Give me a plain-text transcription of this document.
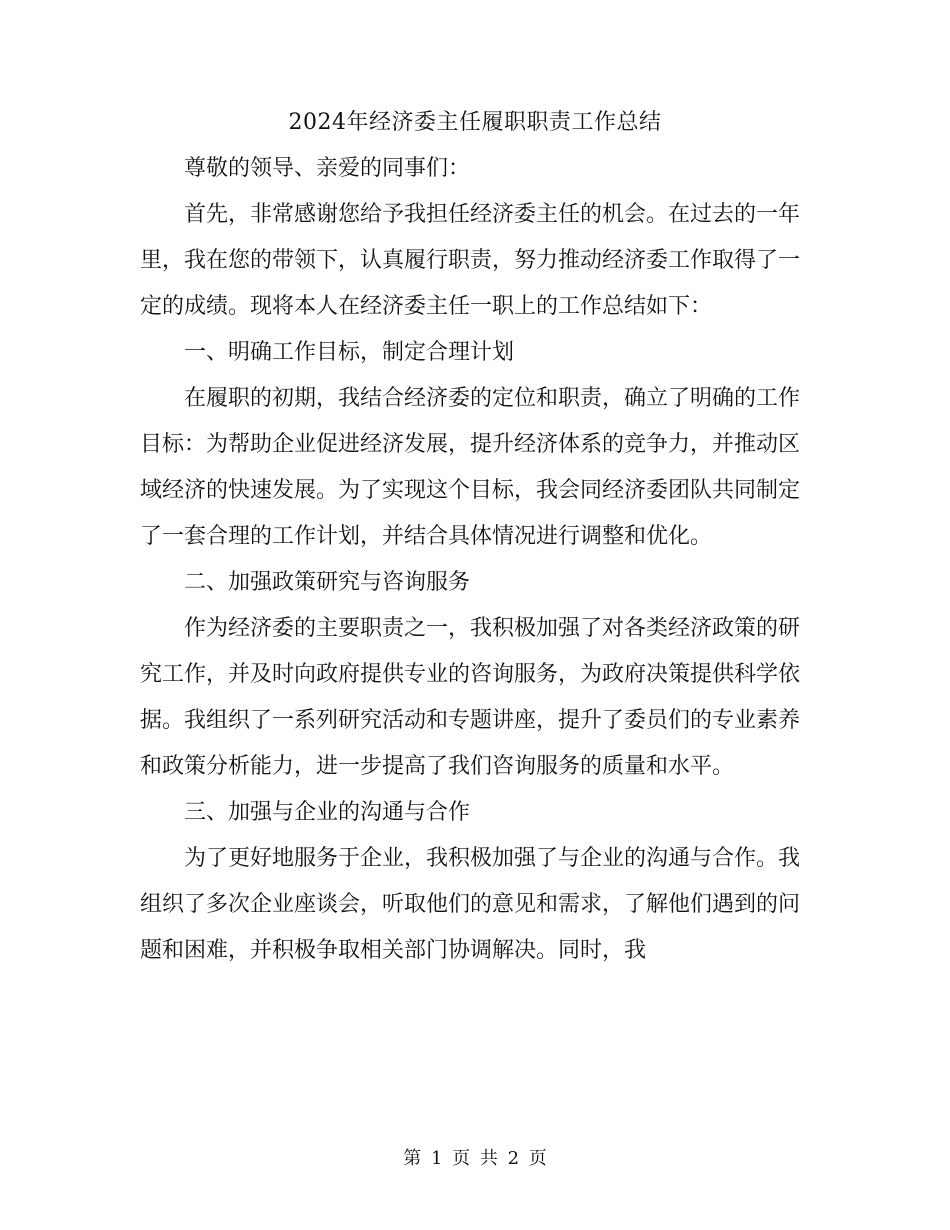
2024年经济委主任履职职责工作总结

尊敬的领导、亲爱的同事们：

首先，非常感谢您给予我担任经济委主任的机会。在过去的一年里，我在您的带领下，认真履行职责，努力推动经济委工作取得了一定的成绩。现将本人在经济委主任一职上的工作总结如下：

一、明确工作目标，制定合理计划

在履职的初期，我结合经济委的定位和职责，确立了明确的工作目标：为帮助企业促进经济发展，提升经济体系的竞争力，并推动区域经济的快速发展。为了实现这个目标，我会同经济委团队共同制定了一套合理的工作计划，并结合具体情况进行调整和优化。

二、加强政策研究与咨询服务

作为经济委的主要职责之一，我积极加强了对各类经济政策的研究工作，并及时向政府提供专业的咨询服务，为政府决策提供科学依据。我组织了一系列研究活动和专题讲座，提升了委员们的专业素养和政策分析能力，进一步提高了我们咨询服务的质量和水平。

三、加强与企业的沟通与合作

为了更好地服务于企业，我积极加强了与企业的沟通与合作。我组织了多次企业座谈会，听取他们的意见和需求，了解他们遇到的问题和困难，并积极争取相关部门协调解决。同时，我

第 1 页 共 2 页
